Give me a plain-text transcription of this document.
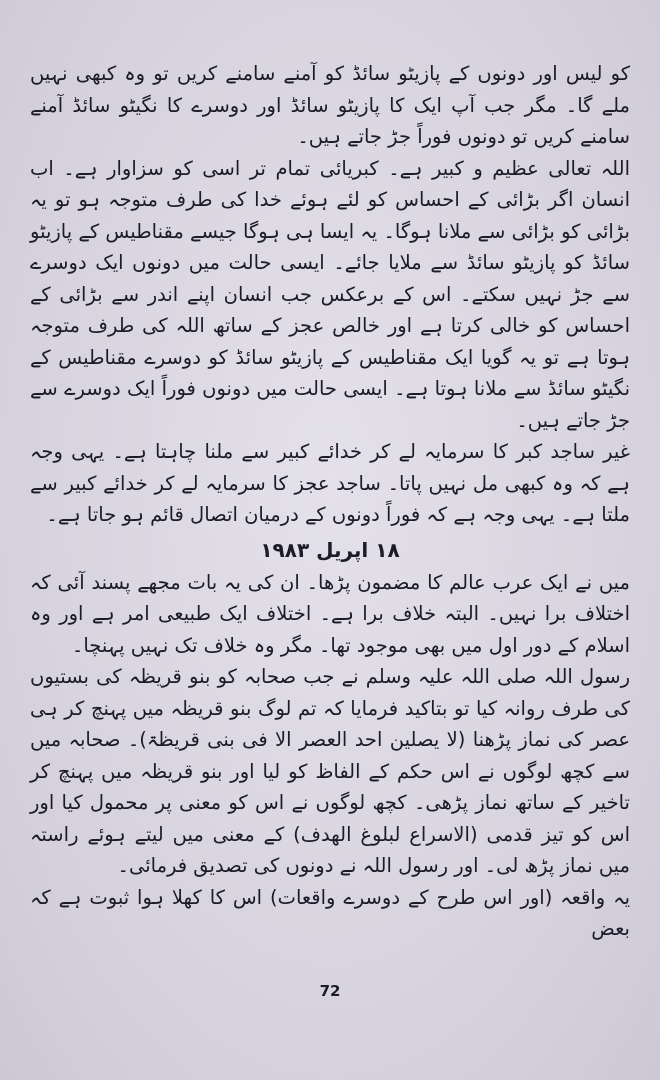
کو لیس اور دونوں کے پازیٹو سائڈ کو آمنے سامنے کریں تو وہ کبھی نہیں ملے گا۔ مگر جب آپ ایک کا پازیٹو سائڈ اور دوسرے کا نگیٹو سائڈ آمنے سامنے کریں تو دونوں فوراً جڑ جاتے ہیں۔

اللہ تعالی عظیم و کبیر ہے۔ کبریائی تمام تر اسی کو سزاوار ہے۔ اب انسان اگر بڑائی کے احساس کو لئے ہوئے خدا کی طرف متوجہ ہو تو یہ بڑائی کو بڑائی سے ملانا ہوگا۔ یہ ایسا ہی ہوگا جیسے مقناطیس کے پازیٹو سائڈ کو پازیٹو سائڈ سے ملایا جائے۔ ایسی حالت میں دونوں ایک دوسرے سے جڑ نہیں سکتے۔ اس کے برعکس جب انسان اپنے اندر سے بڑائی کے احساس کو خالی کرتا ہے اور خالص عجز کے ساتھ اللہ کی طرف متوجہ ہوتا ہے تو یہ گویا ایک مقناطیس کے پازیٹو سائڈ کو دوسرے مقناطیس کے نگیٹو سائڈ سے ملانا ہوتا ہے۔ ایسی حالت میں دونوں فوراً ایک دوسرے سے جڑ جاتے ہیں۔

غیر ساجد کبر کا سرمایہ لے کر خدائے کبیر سے ملنا چاہتا ہے۔ یہی وجہ ہے کہ وہ کبھی مل نہیں پاتا۔ ساجد عجز کا سرمایہ لے کر خدائے کبیر سے ملتا ہے۔ یہی وجہ ہے کہ فوراً دونوں کے درمیان اتصال قائم ہو جاتا ہے۔

۱۸ اپریل ۱۹۸۳

میں نے ایک عرب عالم کا مضمون پڑھا۔ ان کی یہ بات مجھے پسند آئی کہ اختلاف برا نہیں۔ البتہ خلاف برا ہے۔ اختلاف ایک طبیعی امر ہے اور وہ اسلام کے دور اول میں بھی موجود تھا۔ مگر وہ خلاف تک نہیں پہنچا۔

رسول اللہ صلی اللہ علیہ وسلم نے جب صحابہ کو بنو قریظہ کی بستیوں کی طرف روانہ کیا تو بتاکید فرمایا کہ تم لوگ بنو قریظہ میں پہنچ کر ہی عصر کی نماز پڑھنا (لا یصلین احد العصر الا فی بنی قریظۃ)۔ صحابہ میں سے کچھ لوگوں نے اس حکم کے الفاظ کو لیا اور بنو قریظہ میں پہنچ کر تاخیر کے ساتھ نماز پڑھی۔ کچھ لوگوں نے اس کو معنی پر محمول کیا اور اس کو تیز قدمی (الاسراع لبلوغ الھدف) کے معنی میں لیتے ہوئے راستہ میں نماز پڑھ لی۔ اور رسول اللہ نے دونوں کی تصدیق فرمائی۔

یہ واقعہ (اور اس طرح کے دوسرے واقعات) اس کا کھلا ہوا ثبوت ہے کہ بعض

72
